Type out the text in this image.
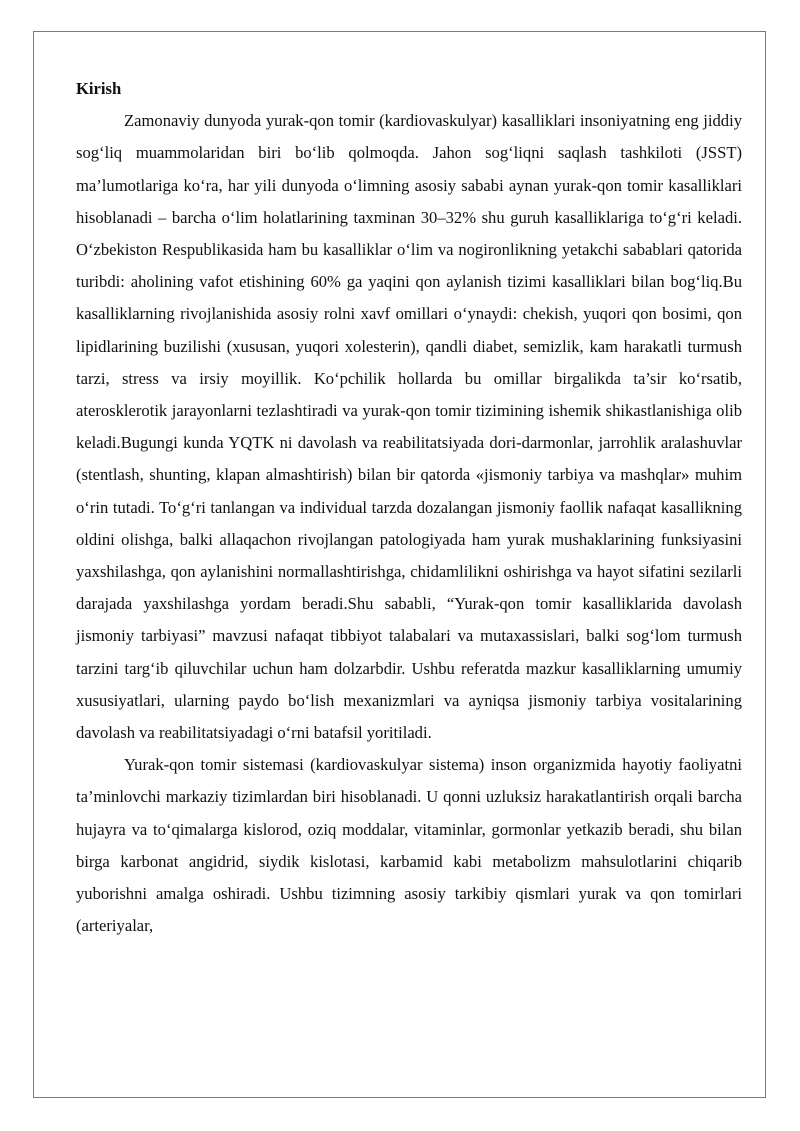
Kirish

Zamonaviy dunyoda yurak-qon tomir (kardiovaskulyar) kasalliklari insoniyatning eng jiddiy sog‘liq muammolaridan biri bo‘lib qolmoqda. Jahon sog‘liqni saqlash tashkiloti (JSST) ma’lumotlariga ko‘ra, har yili dunyoda o‘limning asosiy sababi aynan yurak-qon tomir kasalliklari hisoblanadi – barcha o‘lim holatlarining taxminan 30–32% shu guruh kasalliklariga to‘g‘ri keladi. O‘zbekiston Respublikasida ham bu kasalliklar o‘lim va nogironlikning yetakchi sabablari qatorida turibdi: aholining vafot etishining 60% ga yaqini qon aylanish tizimi kasalliklari bilan bog‘liq.Bu kasalliklarning rivojlanishida asosiy rolni xavf omillari o‘ynaydi: chekish, yuqori qon bosimi, qon lipidlarining buzilishi (xususan, yuqori xolesterin), qandli diabet, semizlik, kam harakatli turmush tarzi, stress va irsiy moyillik. Ko‘pchilik hollarda bu omillar birgalikda ta’sir ko‘rsatib, aterosklerotik jarayonlarni tezlashtiradi va yurak-qon tomir tizimining ishemik shikastlanishiga olib keladi.Bugungi kunda YQTK ni davolash va reabilitatsiyada dori-darmonlar, jarrohlik aralashuvlar (stentlash, shunting, klapan almashtirish) bilan bir qatorda «jismoniy tarbiya va mashqlar» muhim o‘rin tutadi. To‘g‘ri tanlangan va individual tarzda dozalangan jismoniy faollik nafaqat kasallikning oldini olishga, balki allaqachon rivojlangan patologiyada ham yurak mushaklarining funksiyasini yaxshilashga, qon aylanishini normallashtirishga, chidamlilikni oshirishga va hayot sifatini sezilarli darajada yaxshilashga yordam beradi.Shu sababli, “Yurak-qon tomir kasalliklarida davolash jismoniy tarbiyasi” mavzusi nafaqat tibbiyot talabalari va mutaxassislari, balki sog‘lom turmush tarzini targ‘ib qiluvchilar uchun ham dolzarbdir. Ushbu referatda mazkur kasalliklarning umumiy xususiyatlari, ularning paydo bo‘lish mexanizmlari va ayniqsa jismoniy tarbiya vositalarining davolash va reabilitatsiyadagi o‘rni batafsil yoritiladi.

Yurak-qon tomir sistemasi (kardiovaskulyar sistema) inson organizmida hayotiy faoliyatni ta’minlovchi markaziy tizimlardan biri hisoblanadi. U qonni uzluksiz harakatlantirish orqali barcha hujayra va to‘qimalarga kislorod, oziq moddalar, vitaminlar, gormonlar yetkazib beradi, shu bilan birga karbonat angidrid, siydik kislotasi, karbamid kabi metabolizm mahsulotlarini chiqarib yuborishni amalga oshiradi. Ushbu tizimning asosiy tarkibiy qismlari yurak va qon tomirlari (arteriyalar,
